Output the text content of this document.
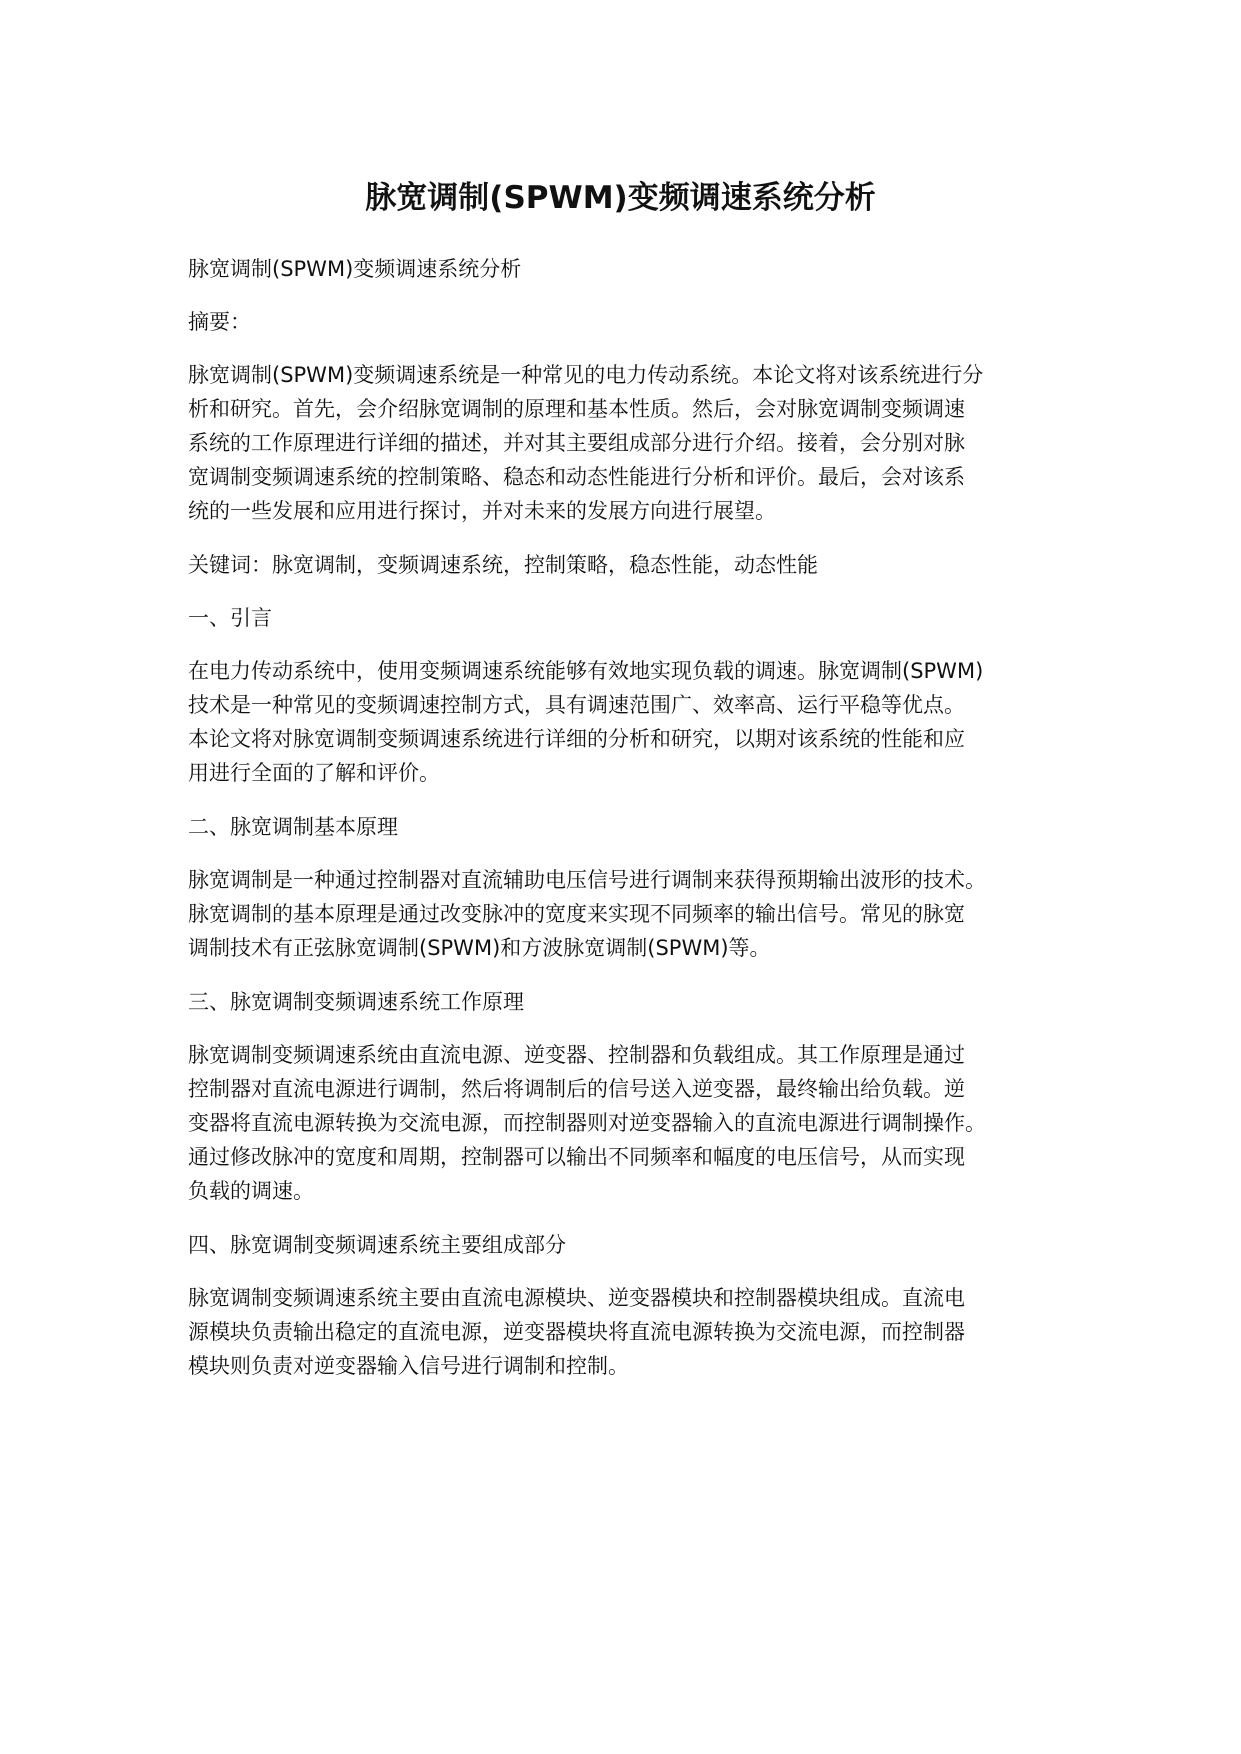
脉宽调制(SPWM)变频调速系统分析
脉宽调制(SPWM)变频调速系统分析
摘要：
脉宽调制(SPWM)变频调速系统是一种常见的电力传动系统。本论文将对该系统进行分
析和研究。首先，会介绍脉宽调制的原理和基本性质。然后，会对脉宽调制变频调速
系统的工作原理进行详细的描述，并对其主要组成部分进行介绍。接着，会分别对脉
宽调制变频调速系统的控制策略、稳态和动态性能进行分析和评价。最后，会对该系
统的一些发展和应用进行探讨，并对未来的发展方向进行展望。
关键词：脉宽调制，变频调速系统，控制策略，稳态性能，动态性能
一、引言
在电力传动系统中，使用变频调速系统能够有效地实现负载的调速。脉宽调制(SPWM)
技术是一种常见的变频调速控制方式，具有调速范围广、效率高、运行平稳等优点。
本论文将对脉宽调制变频调速系统进行详细的分析和研究，以期对该系统的性能和应
用进行全面的了解和评价。
二、脉宽调制基本原理
脉宽调制是一种通过控制器对直流辅助电压信号进行调制来获得预期输出波形的技术。
脉宽调制的基本原理是通过改变脉冲的宽度来实现不同频率的输出信号。常见的脉宽
调制技术有正弦脉宽调制(SPWM)和方波脉宽调制(SPWM)等。
三、脉宽调制变频调速系统工作原理
脉宽调制变频调速系统由直流电源、逆变器、控制器和负载组成。其工作原理是通过
控制器对直流电源进行调制，然后将调制后的信号送入逆变器，最终输出给负载。逆
变器将直流电源转换为交流电源，而控制器则对逆变器输入的直流电源进行调制操作。
通过修改脉冲的宽度和周期，控制器可以输出不同频率和幅度的电压信号，从而实现
负载的调速。
四、脉宽调制变频调速系统主要组成部分
脉宽调制变频调速系统主要由直流电源模块、逆变器模块和控制器模块组成。直流电
源模块负责输出稳定的直流电源，逆变器模块将直流电源转换为交流电源，而控制器
模块则负责对逆变器输入信号进行调制和控制。
